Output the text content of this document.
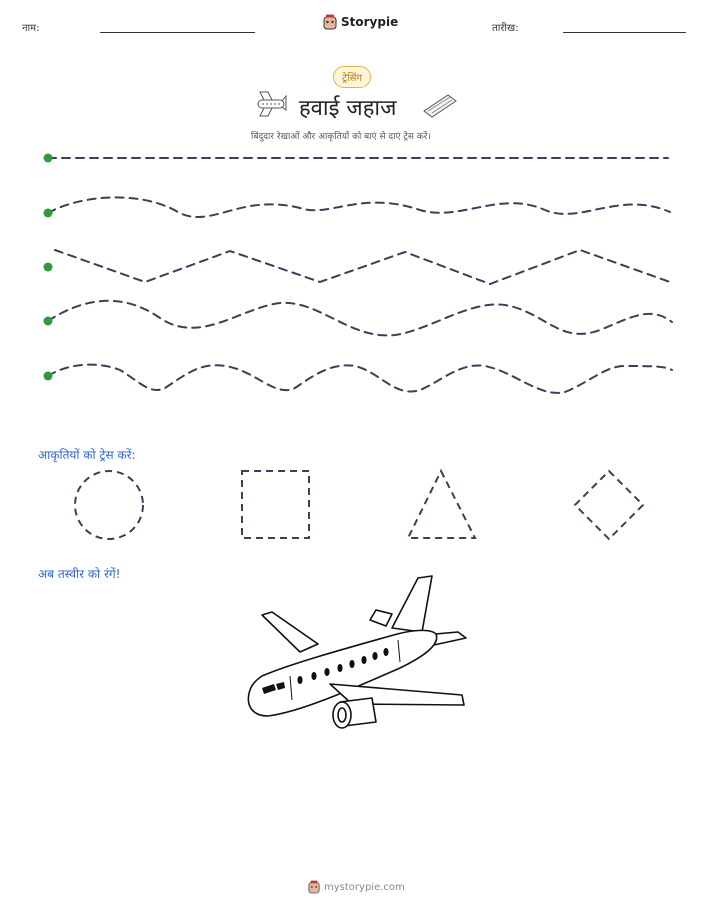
नाम:	Storypie	तारीख:
ट्रेसिंग
हवाई जहाज
बिंदुदार रेखाओं और आकृतियों को बाएं से दाएं ट्रेस करें।
आकृतियों को ट्रेस करें:
अब तस्वीर को रंगें!
mystorypie.com
